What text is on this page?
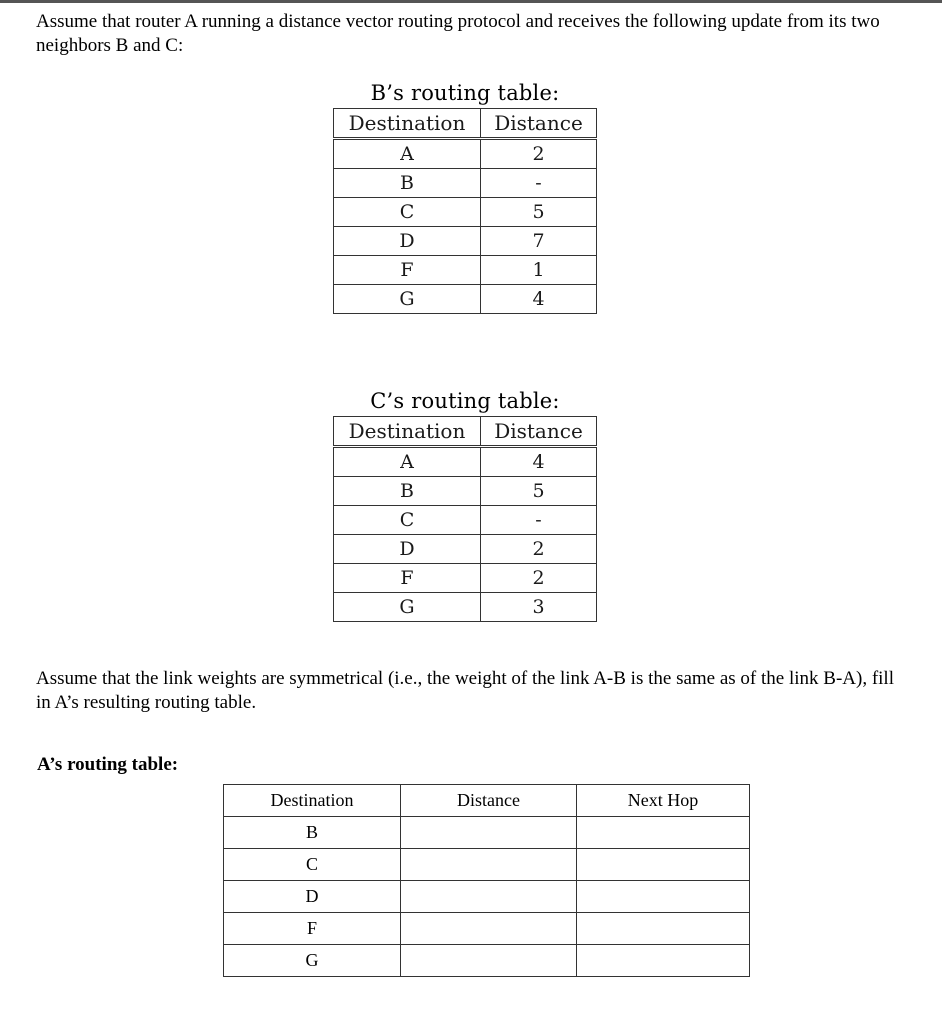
Assume that router A running a distance vector routing protocol and receives the following update from its two neighbors B and C:
B’s routing table:
Destination	Distance
A	2
B	-
C	5
D	7
F	1
G	4
C’s routing table:
Destination	Distance
A	4
B	5
C	-
D	2
F	2
G	3
Assume that the link weights are symmetrical (i.e., the weight of the link A-B is the same as of the link B-A), fill in A’s resulting routing table.
A’s routing table:
Destination	Distance	Next Hop
B		
C		
D		
F		
G		
